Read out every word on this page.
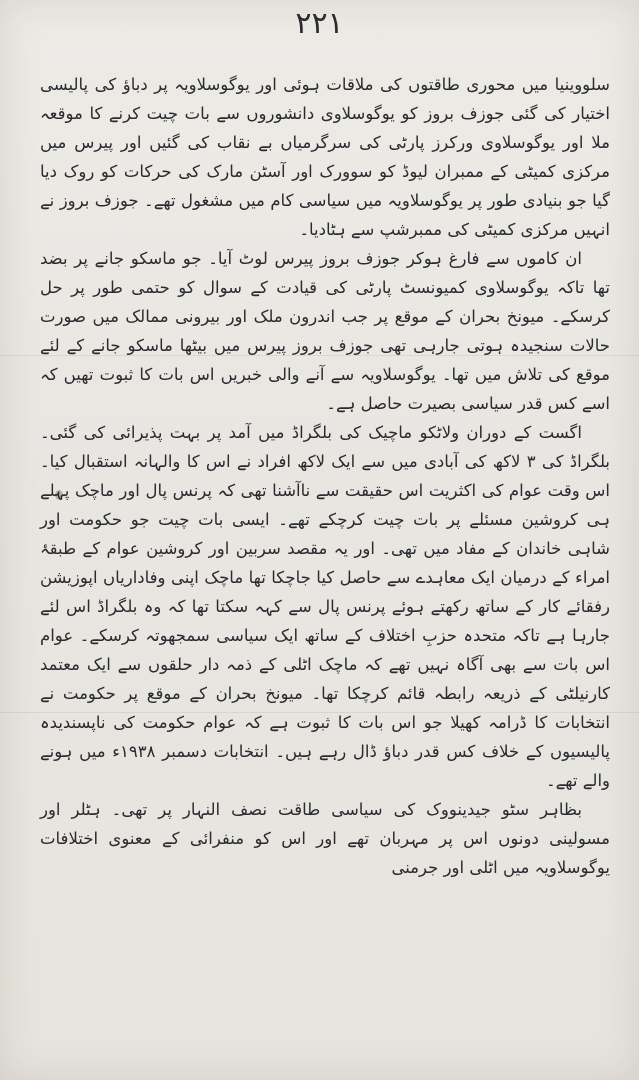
۲۲۱

سلووینیا میں محوری طاقتوں کی ملاقات ہوئی اور یوگوسلاویہ پر دباؤ کی پالیسی اختیار کی گئی جوزف بروز کو یوگوسلاوی دانشوروں سے بات چیت کرنے کا موقعہ ملا اور یوگوسلاوی ورکرز پارٹی کی سرگرمیاں بے نقاب کی گئیں اور پیرس میں مرکزی کمیٹی کے ممبران لیوڈ کو سوورک اور آسٹن مارک کی حرکات کو روک دیا گیا جو بنیادی طور پر یوگوسلاویہ میں سیاسی کام میں مشغول تھے۔ جوزف بروز نے انہیں مرکزی کمیٹی کی ممبرشپ سے ہٹادیا۔

ان کاموں سے فارغ ہوکر جوزف بروز پیرس لوٹ آیا۔ جو ماسکو جانے پر بضد تھا تاکہ یوگوسلاوی کمیونسٹ پارٹی کی قیادت کے سوال کو حتمی طور پر حل کرسکے۔ میونخ بحران کے موقع پر جب اندرون ملک اور بیرونی ممالک میں صورت حالات سنجیدہ ہوتی جارہی تھی جوزف بروز پیرس میں بیٹھا ماسکو جانے کے لئے موقع کی تلاش میں تھا۔ یوگوسلاویہ سے آنے والی خبریں اس بات کا ثبوت تھیں کہ اسے کس قدر سیاسی بصیرت حاصل ہے۔

اگست کے دوران ولاٹکو ماچیک کی بلگراڈ میں آمد پر بہت پذیرائی کی گئی۔ بلگراڈ کی ۳ لاکھ کی آبادی میں سے ایک لاکھ افراد نے اس کا والہانہ استقبال کیا۔ اس وقت عوام کی اکثریت اس حقیقت سے ناآشنا تھی کہ پرنس پال اور ماچک پہلے ہی کروشین مسئلے پر بات چیت کرچکے تھے۔ ایسی بات چیت جو حکومت اور شاہی خاندان کے مفاد میں تھی۔ اور یہ مقصد سربین اور کروشین عوام کے طبقۂ امراء کے درمیان ایک معاہدے سے حاصل کیا جاچکا تھا ماچک اپنی وفاداریاں اپوزیشن رفقائے کار کے ساتھ رکھتے ہوئے پرنس پال سے کہہ سکتا تھا کہ وہ بلگراڈ اس لئے جارہا ہے تاکہ متحدہ حزبِ اختلاف کے ساتھ ایک سیاسی سمجھوتہ کرسکے۔ عوام اس بات سے بھی آگاہ نہیں تھے کہ ماچک اٹلی کے ذمہ دار حلقوں سے ایک معتمد کارنیلٹی کے ذریعہ رابطہ قائم کرچکا تھا۔ میونخ بحران کے موقع پر حکومت نے انتخابات کا ڈرامہ کھیلا جو اس بات کا ثبوت ہے کہ عوام حکومت کی ناپسندیدہ پالیسیوں کے خلاف کس قدر دباؤ ڈال رہے ہیں۔ انتخابات دسمبر ۱۹۳۸ء میں ہونے والے تھے۔

بظاہر سٹو جیدینووک کی سیاسی طاقت نصف النہار پر تھی۔ ہٹلر اور مسولینی دونوں اس پر مہربان تھے اور اس کو منفرائی کے معنوی اختلافات یوگوسلاویہ میں اٹلی اور جرمنی
